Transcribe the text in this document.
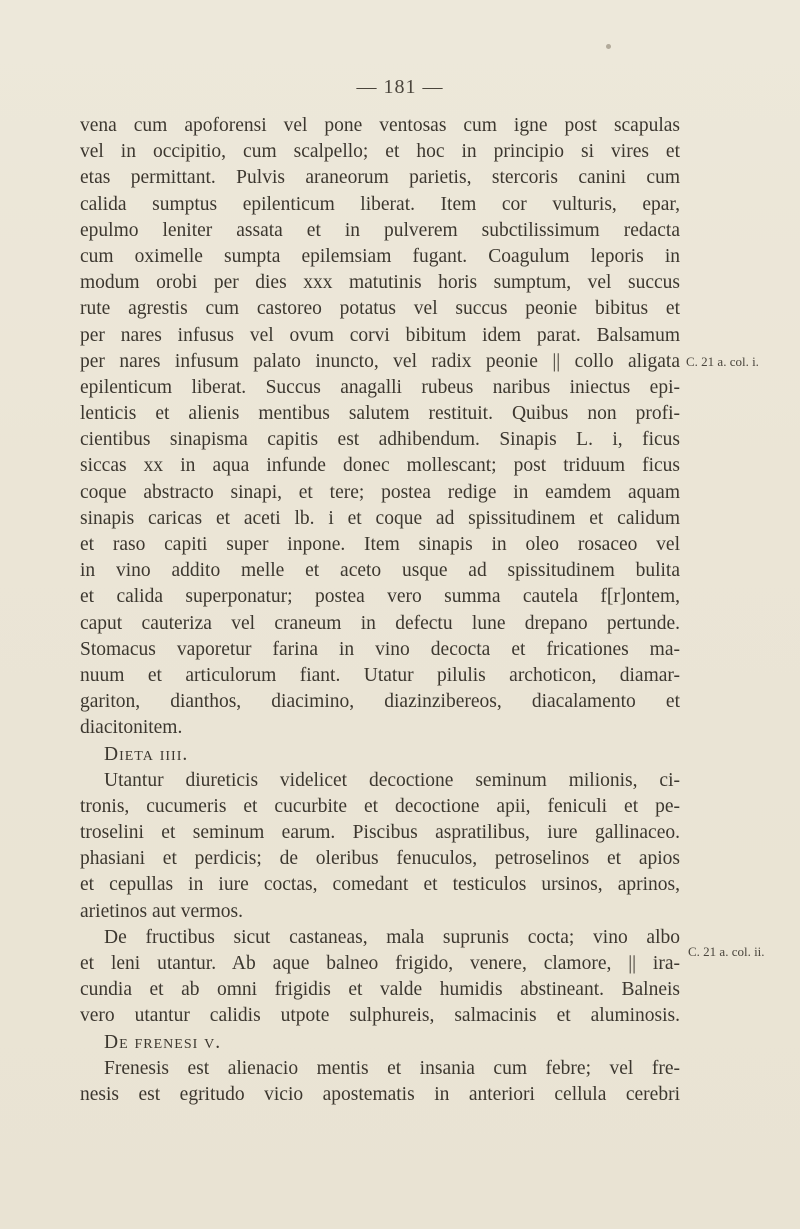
— 181 —
vena cum apoforensi vel pone ventosas cum igne post scapulas
vel in occipitio, cum scalpello; et hoc in principio si vires et
etas permittant. Pulvis araneorum parietis, stercoris canini cum
calida sumptus epilenticum liberat. Item cor vulturis, epar,
epulmo leniter assata et in pulverem subctilissimum redacta
cum oximelle sumpta epilemsiam fugant. Coagulum leporis in
modum orobi per dies xxx matutinis horis sumptum, vel succus
rute agrestis cum castoreo potatus vel succus peonie bibitus et
per nares infusus vel ovum corvi bibitum idem parat. Balsamum
per nares infusum palato inuncto, vel radix peonie || collo aligata
epilenticum liberat. Succus anagalli rubeus naribus iniectus epi-
lenticis et alienis mentibus salutem restituit. Quibus non profi-
cientibus sinapisma capitis est adhibendum. Sinapis L. i, ficus
siccas xx in aqua infunde donec mollescant; post triduum ficus
coque abstracto sinapi, et tere; postea redige in eamdem aquam
sinapis caricas et aceti lb. i et coque ad spissitudinem et calidum
et raso capiti super inpone. Item sinapis in oleo rosaceo vel
in vino addito melle et aceto usque ad spissitudinem bulita
et calida superponatur; postea vero summa cautela f[r]ontem,
caput cauteriza vel craneum in defectu lune drepano pertunde.
Stomacus vaporetur farina in vino decocta et fricationes ma-
nuum et articulorum fiant. Utatur pilulis archoticon, diamar-
gariton, dianthos, diacimino, diazinzibereos, diacalamento et
diacitonitem.
Dieta iiii.
Utantur diureticis videlicet decoctione seminum milionis, ci-
tronis, cucumeris et cucurbite et decoctione apii, feniculi et pe-
troselini et seminum earum. Piscibus aspratilibus, iure gallinaceo.
phasiani et perdicis; de oleribus fenuculos, petroselinos et apios
et cepullas in iure coctas, comedant et testiculos ursinos, aprinos,
arietinos aut vermos.
De fructibus sicut castaneas, mala suprunis cocta; vino albo
et leni utantur. Ab aque balneo frigido, venere, clamore, || ira-
cundia et ab omni frigidis et valde humidis abstineant. Balneis
vero utantur calidis utpote sulphureis, salmacinis et aluminosis.
De frenesi v.
Frenesis est alienacio mentis et insania cum febre; vel fre-
nesis est egritudo vicio apostematis in anteriori cellula cerebri
C. 21 a. col. i.
C. 21 a. col. ii.
